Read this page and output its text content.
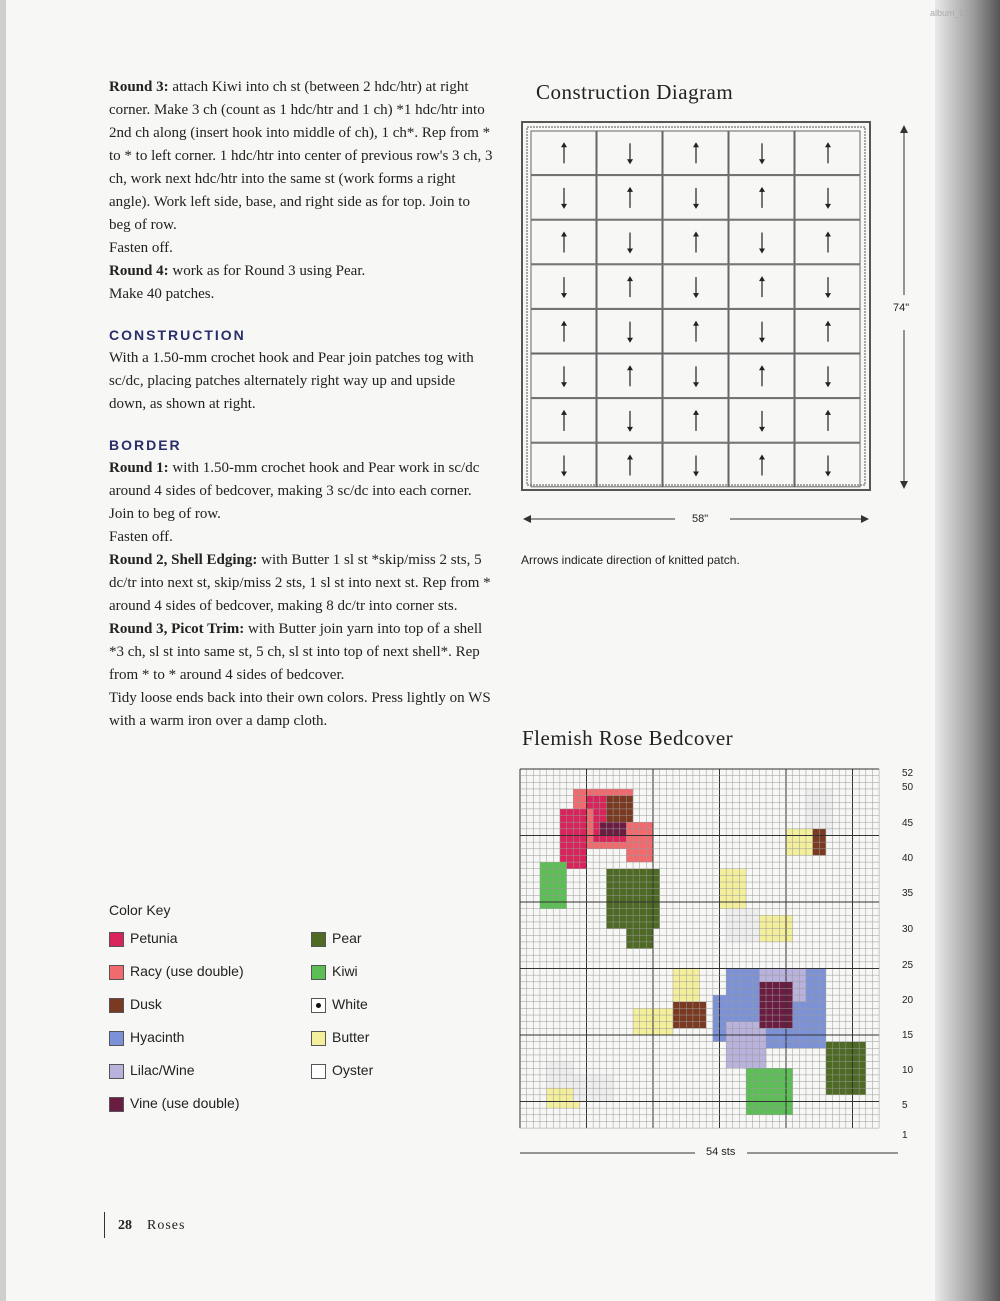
album_L

Round 3: attach Kiwi into ch st (between 2 hdc/htr) at right corner. Make 3 ch (count as 1 hdc/htr and 1 ch) *1 hdc/htr into 2nd ch along (insert hook into middle of ch), 1 ch*. Rep from * to * to left corner. 1 hdc/htr into center of previous row's 3 ch, 3 ch, work next hdc/htr into the same st (work forms a right angle). Work left side, base, and right side as for top. Join to beg of row.

Fasten off.

Round 4: work as for Round 3 using Pear.

Make 40 patches.

CONSTRUCTION

With a 1.50-mm crochet hook and Pear join patches tog with sc/dc, placing patches alternately right way up and upside down, as shown at right.

BORDER

Round 1: with 1.50-mm crochet hook and Pear work in sc/dc around 4 sides of bedcover, making 3 sc/dc into each corner.

Join to beg of row.

Fasten off.

Round 2, Shell Edging: with Butter 1 sl st *skip/miss 2 sts, 5 dc/tr into next st, skip/miss 2 sts, 1 sl st into next st. Rep from * around 4 sides of bedcover, making 8 dc/tr into corner sts.

Round 3, Picot Trim: with Butter join yarn into top of a shell *3 ch, sl st into same st, 5 ch, sl st into top of next shell*. Rep from * to * around 4 sides of bedcover.

Tidy loose ends back into their own colors. Press lightly on WS with a warm iron over a damp cloth.

Color Key
Petunia
Racy (use double)
Dusk
Hyacinth
Lilac/Wine
Vine (use double)
Pear
Kiwi
White
Butter
Oyster
Construction Diagram
74"
58"
Arrows indicate direction of knitted patch.
Flemish Rose Bedcover
54 sts
52
50
45
40
35
30
25
20
15
10
5
1
28 Roses
